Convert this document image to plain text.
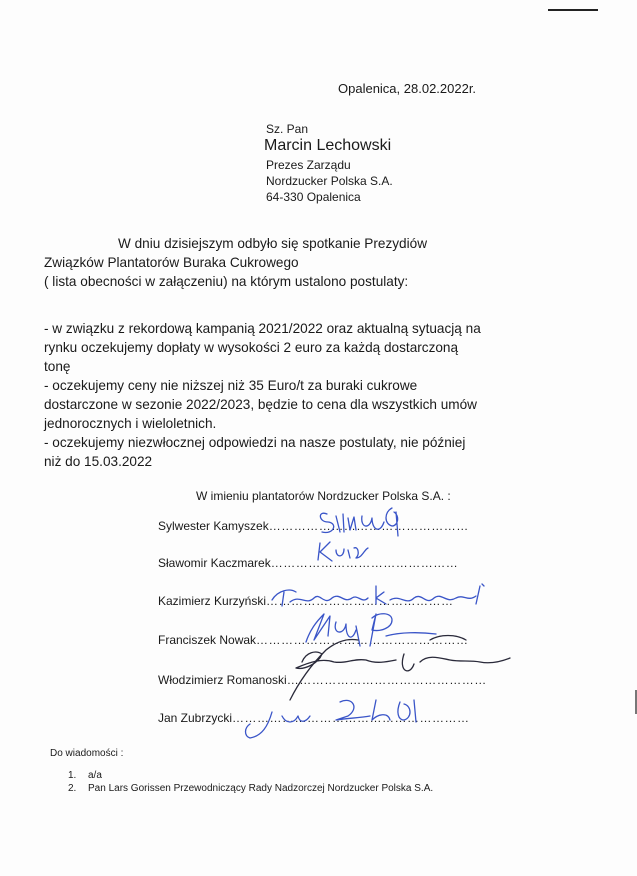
Opalenica, 28.02.2022r.
Sz. Pan
Marcin Lechowski
Prezes Zarządu
Nordzucker Polska S.A.
64-330 Opalenica
W dniu dzisiejszym odbyło się spotkanie Prezydiów
Związków Plantatorów Buraka Cukrowego
( lista obecności w załączeniu) na którym ustalono postulaty:
- w związku z rekordową kampanią 2021/2022 oraz aktualną sytuacją na
rynku oczekujemy dopłaty w wysokości 2 euro za każdą dostarczoną
tonę
- oczekujemy ceny nie niższej niż 35 Euro/t za buraki cukrowe
dostarczone w sezonie 2022/2023, będzie to cena dla wszystkich umów
jednorocznych i wieloletnich.
- oczekujemy niezwłocznej odpowiedzi na nasze postulaty, nie później
niż do 15.03.2022
W imieniu plantatorów Nordzucker Polska S.A. :
Sylwester Kamyszek…………………………………………
Sławomir Kaczmarek………………………………………
Kazimierz Kurzyński………………………………………
Franciszek Nowak……………………………………………
Włodzimierz Romanoski…………………………………………
Jan Zubrzycki…………………………………………………
Do wiadomości :
1. a/a
2. Pan Lars Gorissen Przewodniczący Rady Nadzorczej Nordzucker Polska S.A.
